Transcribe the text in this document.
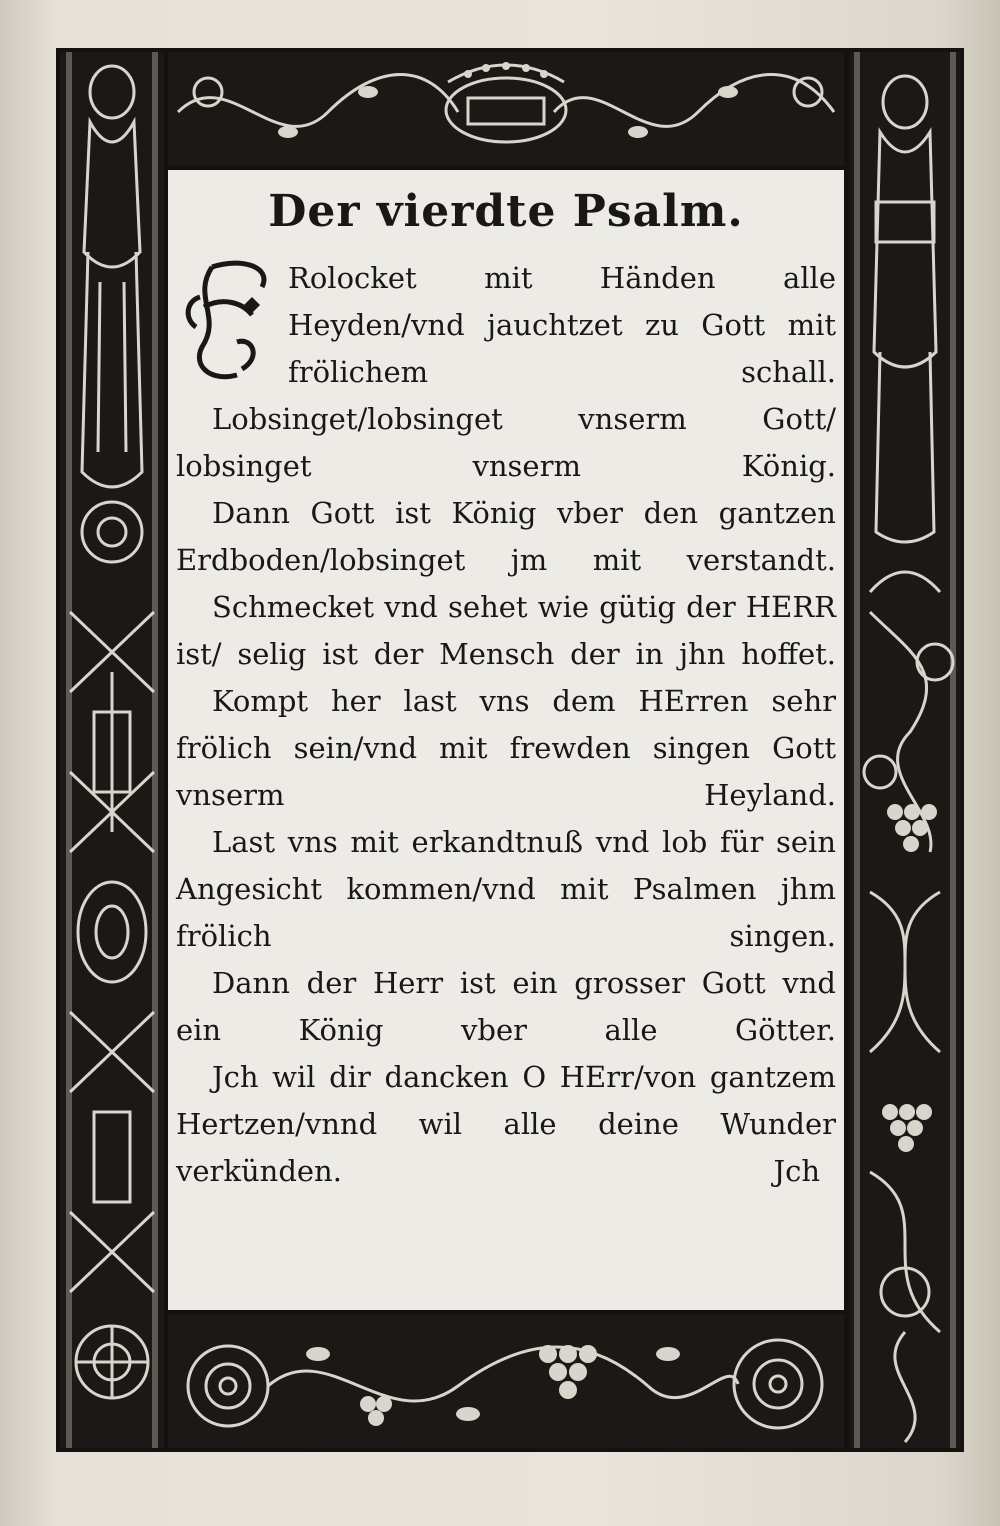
Der vierdte Psalm.

Rolocket mit Händen alle Heyden/vnd jauchtzet zu Gott mit frölichem schall.

Lobsinget/lobsinget vnserm Gott/ lobsinget vnserm König.

Dann Gott ist König vber den gantzen Erdboden/lobsinget jm mit verstandt.

Schmecket vnd sehet wie gütig der HERR ist/ selig ist der Mensch der in jhn hoffet.

Kompt her last vns dem HErren sehr frölich sein/vnd mit frewden singen Gott vnserm Heyland.

Last vns mit erkandtnuß vnd lob für sein Angesicht kommen/vnd mit Psalmen jhm frölich singen.

Dann der Herr ist ein grosser Gott vnd ein König vber alle Götter.

Jch wil dir dancken O HErr/von gantzem Hertzen/vnnd wil alle deine Wunder verkünden.	Jch
